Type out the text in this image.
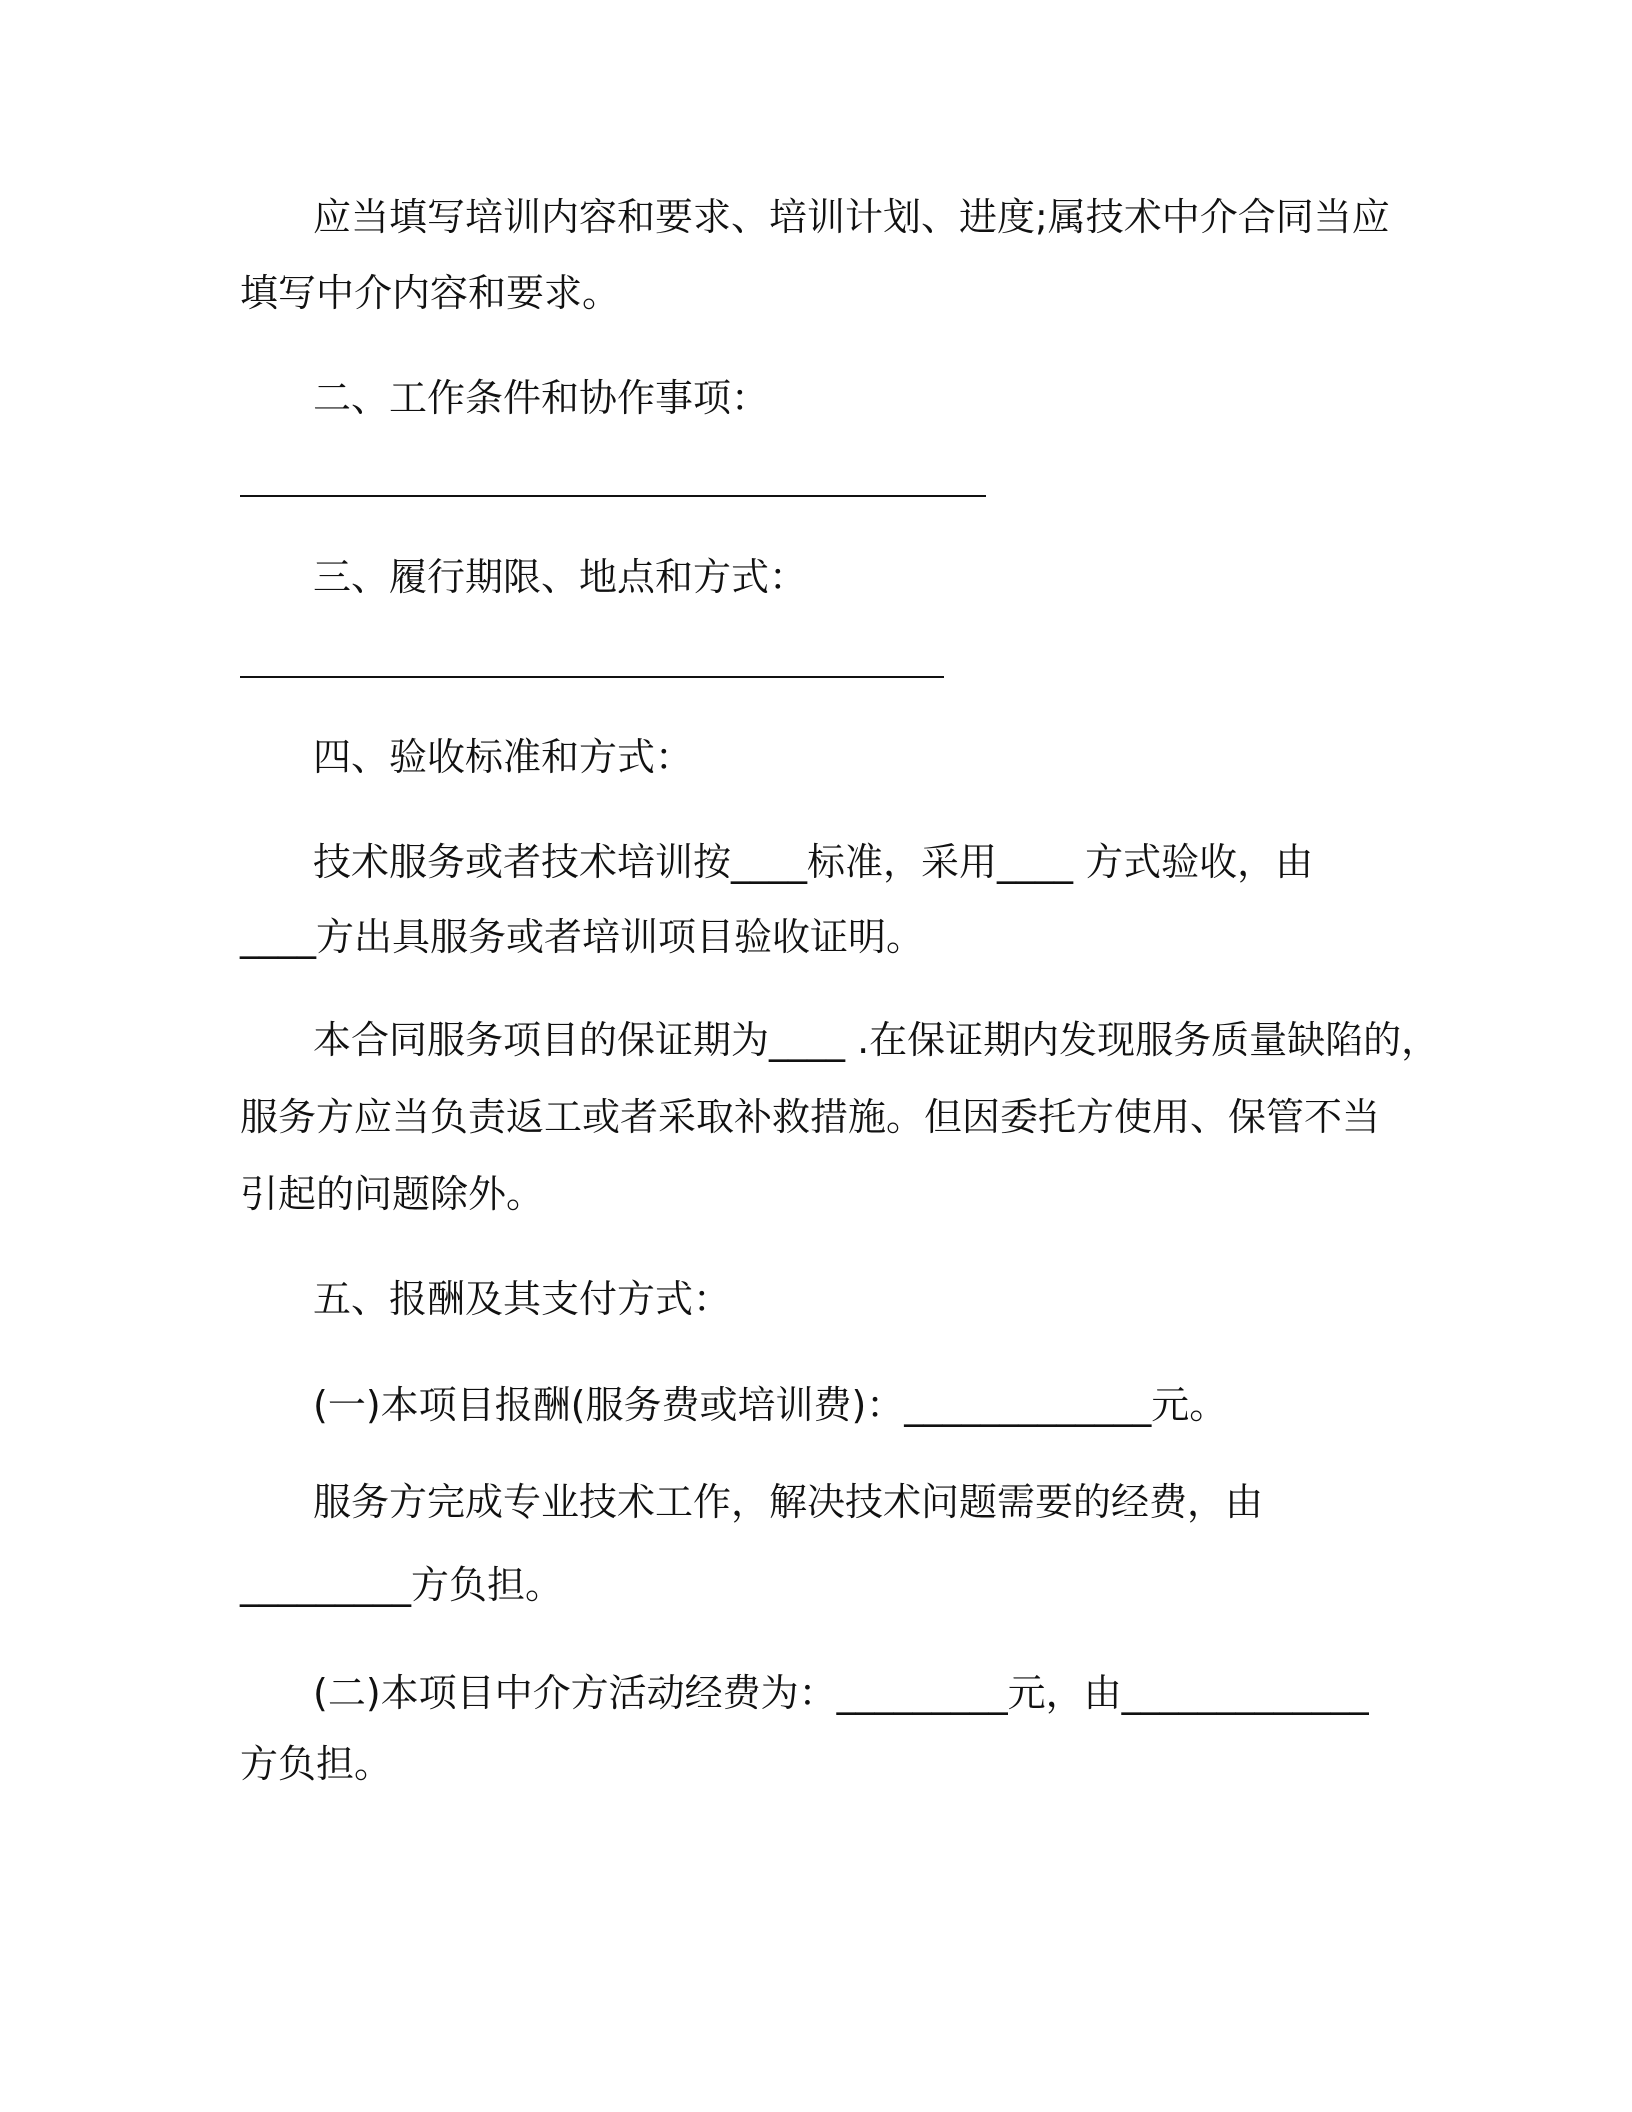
应当填写培训内容和要求、培训计划、进度;属技术中介合同当应

填写中介内容和要求。

二、工作条件和协作事项：

三、履行期限、地点和方式：

四、验收标准和方式：

技术服务或者技术培训按____标准，采用____ 方式验收，由

____方出具服务或者培训项目验收证明。

本合同服务项目的保证期为____ .在保证期内发现服务质量缺陷的，

服务方应当负责返工或者采取补救措施。但因委托方使用、保管不当

引起的问题除外。

五、报酬及其支付方式：

(一)本项目报酬(服务费或培训费)：_____________元。

服务方完成专业技术工作，解决技术问题需要的经费，由

_________方负担。

(二)本项目中介方活动经费为：_________元，由_____________

方负担。
